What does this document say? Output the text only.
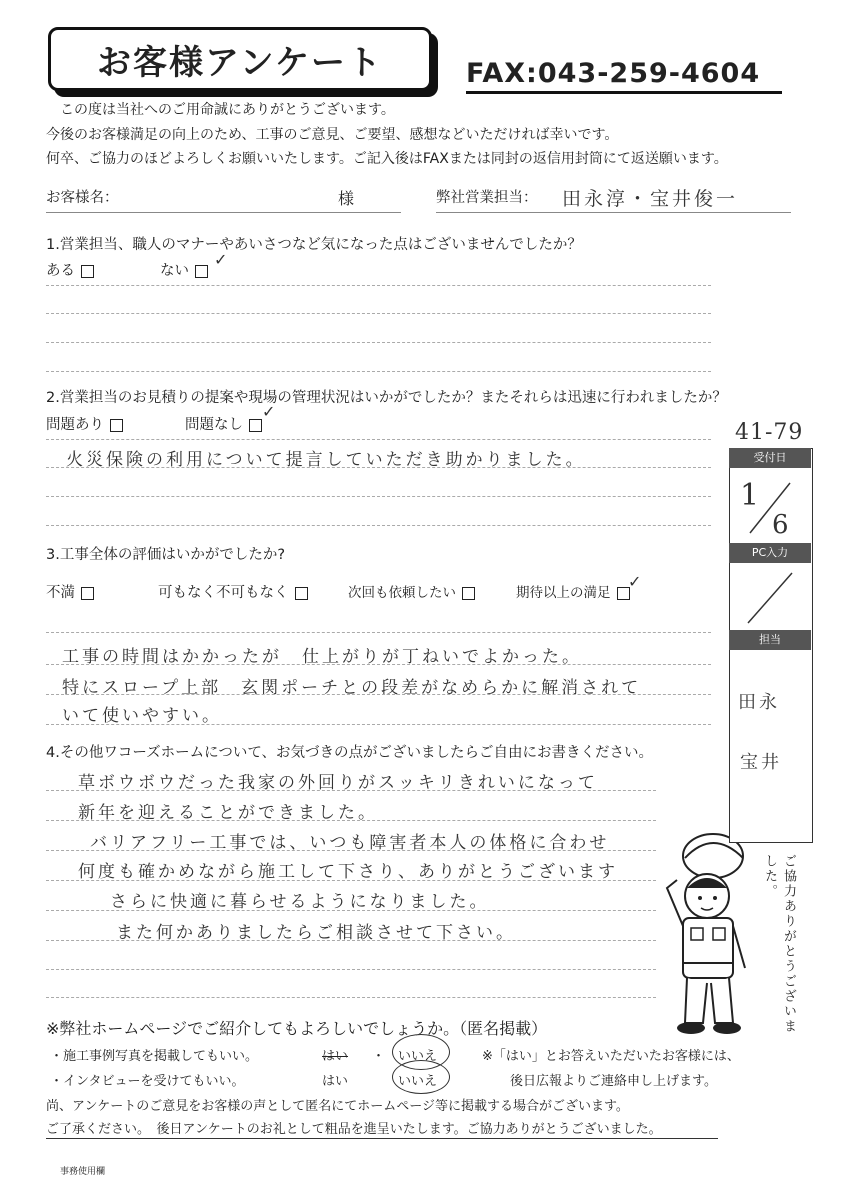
お客様アンケート	FAX:043-259-4604
この度は当社へのご用命誠にありがとうございます。
今後のお客様満足の向上のため、工事のご意見、ご要望、感想などいただければ幸いです。
何卒、ご協力のほどよろしくお願いいたします。ご記入後はFAXまたは同封の返信用封筒にて返送願います。
お客様名：	様	弊社営業担当： 田永淳・宝井俊一
1.営業担当、職人のマナーやあいさつなど気になった点はございませんでしたか？
ある	ない
✓
2.営業担当のお見積りの提案や現場の管理状況はいかがでしたか？またそれらは迅速に行われましたか？
問題あり	問題なし
✓
火災保険の利用について提言していただき助かりました。
3.工事全体の評価はいかがでしたか?
不満	可もなく不可もなく	次回も依頼したい	期待以上の満足
✓
工事の時間はかかったが　仕上がりが丁ねいでよかった。
特にスロープ上部　玄関ポーチとの段差がなめらかに解消されて
いて使いやすい。
4.その他ワコーズホームについて、お気づきの点がございましたらご自由にお書きください。
草ボウボウだった我家の外回りがスッキリきれいになって
新年を迎えることができました。
バリアフリー工事では、いつも障害者本人の体格に合わせ
何度も確かめながら施工して下さり、ありがとうございます
さらに快適に暮らせるようになりました。
また何かありましたらご相談させて下さい。	ご協力ありがとうございました。
41-79
受付日
1
6
PC入力
担当
田永
宝井
※弊社ホームページでご紹介してもよろしいでしょうか。（匿名掲載）
・施工事例写真を掲載してもいい。	はい ・ いいえ	※「はい」とお答えいただいたお客様には、
・インタビューを受けてもいい。	はい	いいえ	後日広報よりご連絡申し上げます。
尚、アンケートのご意見をお客様の声として匿名にてホームページ等に掲載する場合がございます。
ご了承ください。　後日アンケートのお礼として粗品を進呈いたします。ご協力ありがとうございました。
事務使用欄
